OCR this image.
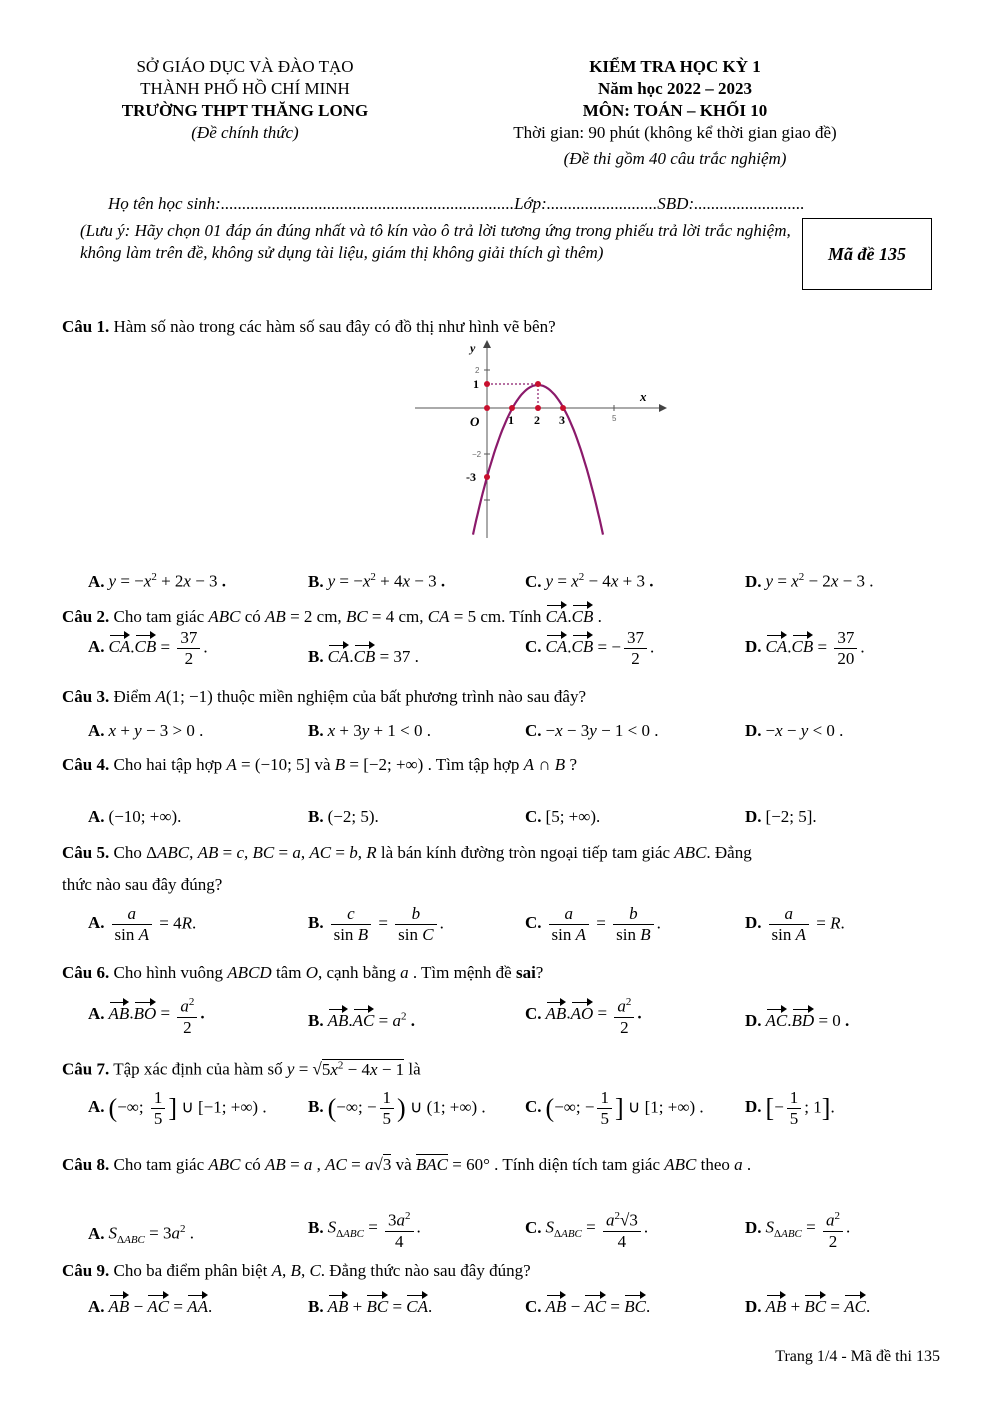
SỞ GIÁO DỤC VÀ ĐÀO TẠO
THÀNH PHỐ HỒ CHÍ MINH
TRƯỜNG THPT THĂNG LONG
(Đề chính thức)
KIỂM TRA HỌC KỲ 1
Năm học 2022 – 2023
MÔN: TOÁN – KHỐI 10
Thời gian: 90 phút (không kể thời gian giao đề)
(Đề thi gồm 40 câu trắc nghiệm)
Họ tên học sinh:.....................................................................Lớp:..........................SBD:..........................
(Lưu ý: Hãy chọn 01 đáp án đúng nhất và tô kín vào ô trả lời tương ứng trong phiếu trả lời trắc nghiệm, không làm trên đề, không sử dụng tài liệu, giám thị không giải thích gì thêm)	Mã đề 135
Câu 1. Hàm số nào trong các hàm số sau đây có đồ thị như hình vẽ bên?
y
x
O 1 2 3	5
2
1
−2
-3
A. $y = -x^2 + 2x - 3$ .	B. $y = -x^2 + 4x - 3$ .	C. $y = x^2 - 4x + 3$ .	D. $y = x^2 - 2x - 3$ .
Câu 2. Cho tam giác ABC có AB = 2 cm, BC = 4 cm, CA = 5 cm. Tính CA.CB .
A. $CA.CB = \frac{37}{2}$ .
B. CA.CB = 37 .
C. CA.CB = − $\frac{37}{2}$ .	D. $CA.CB = \frac{37}{20}$ .
Câu 3. Điểm A(1; −1) thuộc miền nghiệm của bất phương trình nào sau đây?
A. x + y − 3 > 0 .	B. x + 3y + 1 < 0 .	C. −x − 3y − 1 < 0 .	D. −x − y < 0 .
Câu 4. Cho hai tập hợp A = (−10; 5] và B = [−2; +∞) . Tìm tập hợp A ∩ B ?
A. (−10; +∞).	B. (−2; 5).	C. [5; +∞).	D. [−2; 5].
Câu 5. Cho ΔABC, AB = c, BC = a, AC = b, R là bán kính đường tròn ngoại tiếp tam giác ABC. Đẳng
thức nào sau đây đúng?
A. $\frac{a}{\text{sin A}} = 4R$.	B. $\frac{c}{\text{sin B}} = \frac{b}{\text{sin C}}$ .	C. $\frac{a}{\text{sin A}} = \frac{b}{\text{sin B}}$ .	D. $\frac{a}{\text{sin A}} = R$.
Câu 6. Cho hình vuông ABCD tâm O, cạnh bằng a . Tìm mệnh đề sai?
A. $AB.BO = \frac{a^2}{2}$ .	B. $AB.AC = a^2$ .	C. $AB.AO = \frac{a^2}{2}$ .	D. AC.BD = 0 .
Câu 7. Tập xác định của hàm số $y = √5x^2 - 4x - 1$ là
A. (−∞; $\frac{1}{5}$ ] ∪ [−1; +∞) . B. (−∞; − $\frac{1}{5}$ ) ∪ (1; +∞) . C. (−∞; − $\frac{1}{5}$ ] ∪ [1; +∞) . D. [− $\frac{1}{5}$ ; 1].
Câu 8. Cho tam giác ABC có AB = a , AC = a√3 và BAC = 60° . Tính diện tích tam giác ABC theo a .
A. $S_{\Delta ABC} = 3a^2$ .	B. $S_{\Delta ABC} = \frac{3a^2}{4}$ .	C. $S_{\Delta ABC} = \frac{a^2√3}{4}$ .	D. $S_{\Delta ABC} = \frac{a^2}{2}$ .
Câu 9. Cho ba điểm phân biệt A, B, C. Đẳng thức nào sau đây đúng?
A. AB − AC = AA.	B. AB + BC = CA.	C. AB − AC = BC.	D. AB + BC = AC.
Trang 1/4 - Mã đề thi 135
